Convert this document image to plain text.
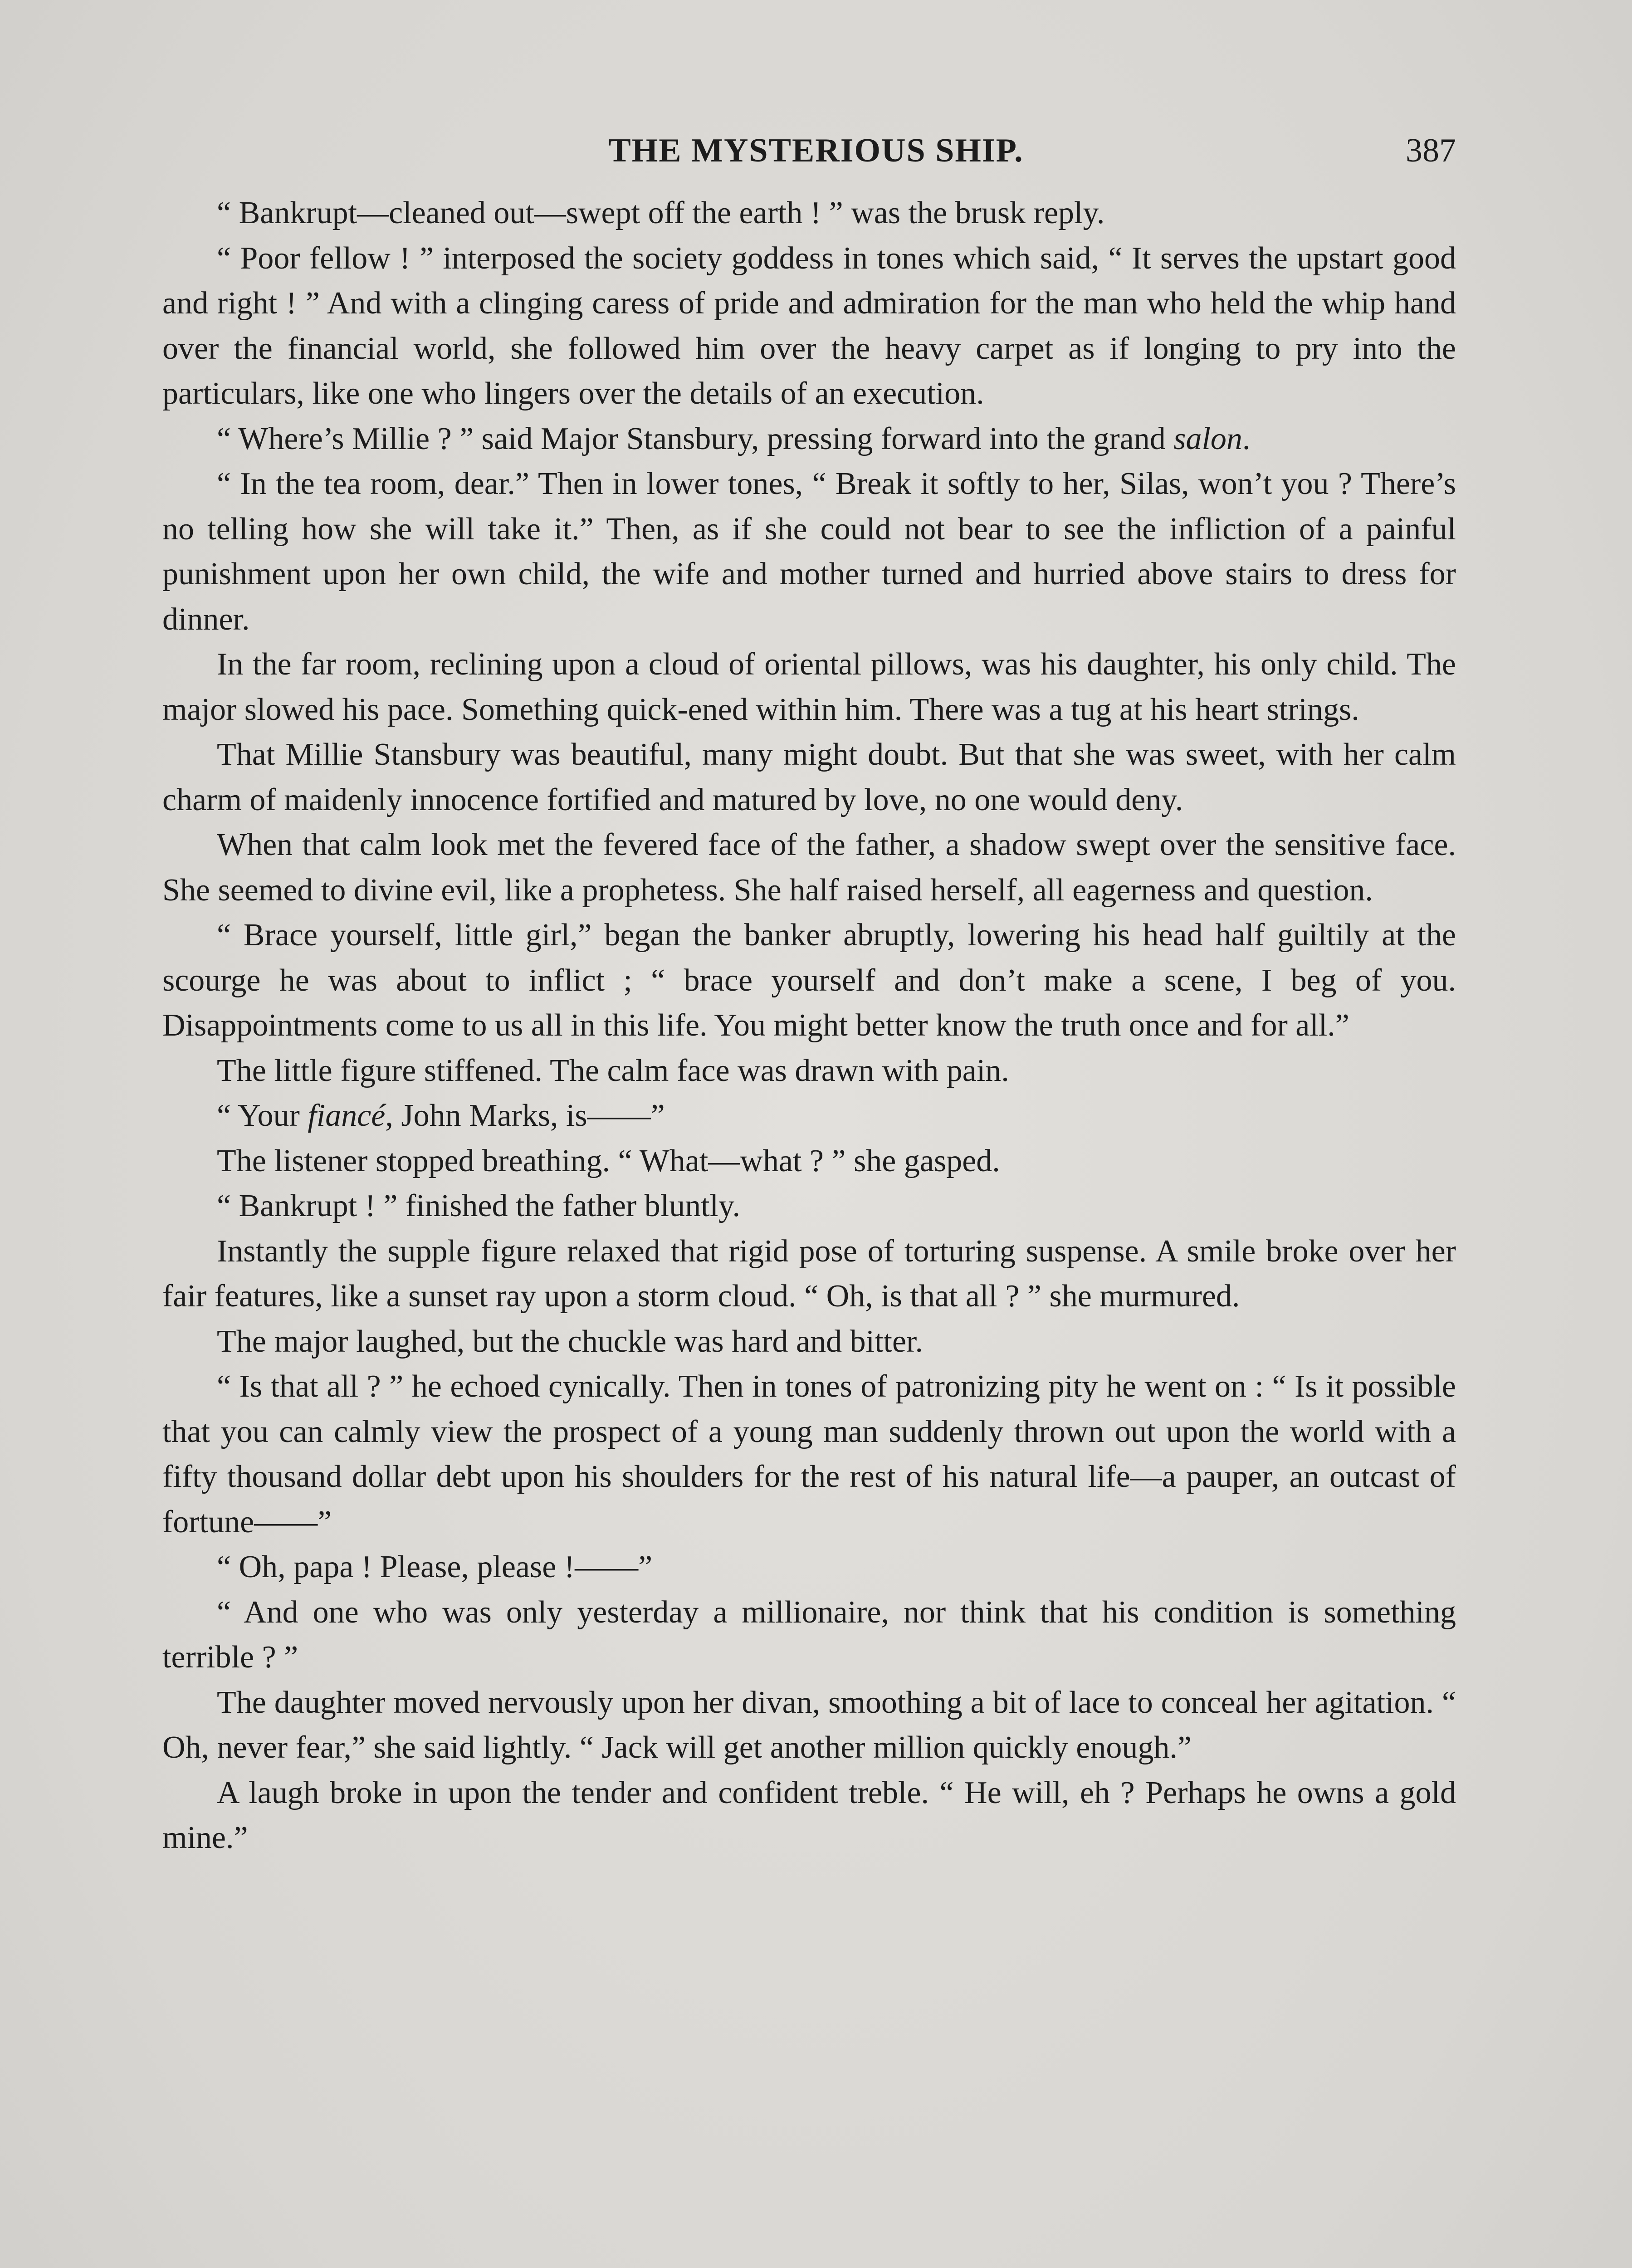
THE MYSTERIOUS SHIP.	387

“ Bankrupt—cleaned out—swept off the earth ! ” was the brusk reply.

“ Poor fellow ! ” interposed the society goddess in tones which said, “ It serves the upstart good and right ! ” And with a clinging caress of pride and admiration for the man who held the whip hand over the financial world, she followed him over the heavy carpet as if longing to pry into the particulars, like one who lingers over the details of an execution.

“ Where’s Millie ? ” said Major Stansbury, pressing forward into the grand salon.

“ In the tea room, dear.” Then in lower tones, “ Break it softly to her, Silas, won’t you ? There’s no telling how she will take it.” Then, as if she could not bear to see the infliction of a painful punishment upon her own child, the wife and mother turned and hurried above stairs to dress for dinner.

In the far room, reclining upon a cloud of oriental pillows, was his daughter, his only child. The major slowed his pace. Something quick-ened within him. There was a tug at his heart strings.

That Millie Stansbury was beautiful, many might doubt. But that she was sweet, with her calm charm of maidenly innocence fortified and matured by love, no one would deny.

When that calm look met the fevered face of the father, a shadow swept over the sensitive face. She seemed to divine evil, like a prophetess. She half raised herself, all eagerness and question.

“ Brace yourself, little girl,” began the banker abruptly, lowering his head half guiltily at the scourge he was about to inflict ; “ brace yourself and don’t make a scene, I beg of you. Disappointments come to us all in this life. You might better know the truth once and for all.”

The little figure stiffened. The calm face was drawn with pain.

“ Your fiancé, John Marks, is——”

The listener stopped breathing. “ What—what ? ” she gasped.

“ Bankrupt ! ” finished the father bluntly.

Instantly the supple figure relaxed that rigid pose of torturing suspense. A smile broke over her fair features, like a sunset ray upon a storm cloud. “ Oh, is that all ? ” she murmured.

The major laughed, but the chuckle was hard and bitter.

“ Is that all ? ” he echoed cynically. Then in tones of patronizing pity he went on : “ Is it possible that you can calmly view the prospect of a young man suddenly thrown out upon the world with a fifty thousand dollar debt upon his shoulders for the rest of his natural life—a pauper, an outcast of fortune——”

“ Oh, papa ! Please, please !——”

“ And one who was only yesterday a millionaire, nor think that his condition is something terrible ? ”

The daughter moved nervously upon her divan, smoothing a bit of lace to conceal her agitation. “ Oh, never fear,” she said lightly. “ Jack will get another million quickly enough.”

A laugh broke in upon the tender and confident treble. “ He will, eh ? Perhaps he owns a gold mine.”
